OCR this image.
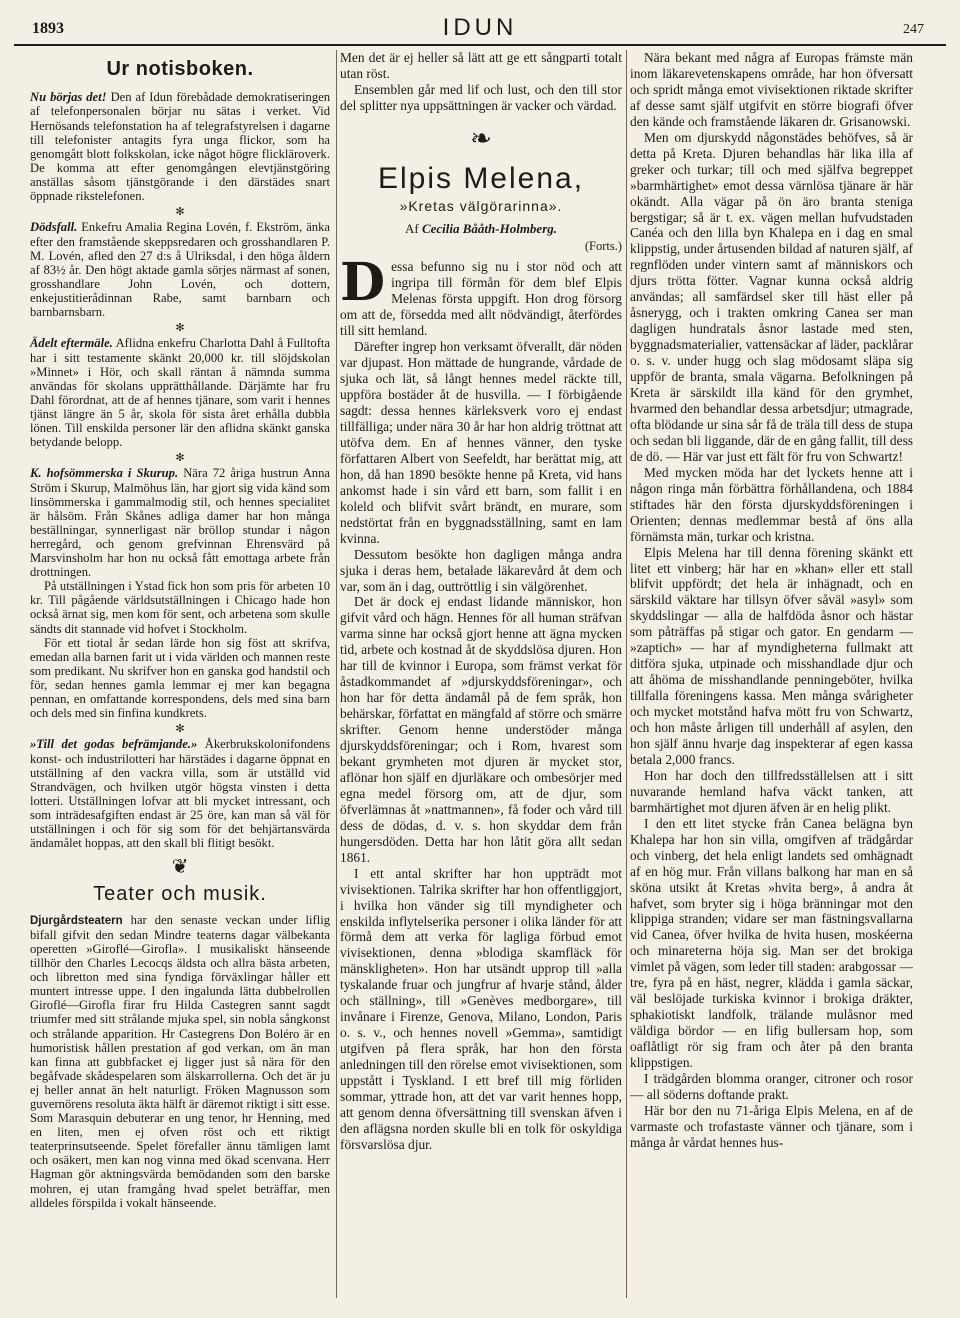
1893	IDUN	247
Ur notisboken.

Nu börjas det! Den af Idun förebådade demokratiseringen af telefonpersonalen börjar nu sätas i verket. Vid Hernösands telefonstation ha af telegrafstyrelsen i dagarne till telefonister antagits fyra unga flickor, som ha genomgått blott folkskolan, icke något högre flickläroverk. De komma att efter genomgången elevtjänstgöring anställas såsom tjänstgörande i den därstädes snart öppnade rikstelefonen.

✻

Dödsfall. Enkefru Amalia Regina Lovén, f. Ekström, änka efter den framstående skeppsredaren och grosshandlaren P. M. Lovén, afled den 27 d:s å Ulriksdal, i den höga åldern af 83½ år. Den högt aktade gamla sörjes närmast af sonen, grosshandlare John Lovén, och dottern, enkejustitierådinnan Rabe, samt barnbarn och barnbarnsbarn.

✻

Ädelt eftermäle. Aflidna enkefru Charlotta Dahl å Fulltofta har i sitt testamente skänkt 20,000 kr. till slöjdskolan »Minnet» i Hör, och skall räntan å nämnda summa användas för skolans upprätthållande. Därjämte har fru Dahl förordnat, att de af hennes tjänare, som varit i hennes tjänst längre än 5 år, skola för sista året erhålla dubbla lönen. Till enskilda personer lär den aflidna skänkt ganska betydande belopp.

✻

K. hofsömmerska i Skurup. Nära 72 åriga hustrun Anna Ström i Skurup, Malmöhus län, har gjort sig vida känd som linsömmerska i gammalmodig stil, och hennes specialitet är hålsöm. Från Skånes adliga damer har hon många beställningar, synnerligast när bröllop stundar i någon herregård, och genom grefvinnan Ehrensvärd på Marsvinsholm har hon nu också fått emottaga arbete från drottningen.

På utställningen i Ystad fick hon som pris för arbeten 10 kr. Till pågående världsutställningen i Chicago hade hon också ärnat sig, men kom för sent, och arbetena som skulle sändts dit stannade vid hofvet i Stockholm.

För ett tiotal år sedan lärde hon sig föst att skrifva, emedan alla barnen farit ut i vida världen och mannen reste som predikant. Nu skrifver hon en ganska god handstil och för, sedan hennes gamla lemmar ej mer kan begagna pennan, en omfattande korrespondens, dels med sina barn och dels med sin finfina kundkrets.

✻

»Till det godas befrämjande.» Åkerbrukskolonifondens konst- och industrilotteri har härstädes i dagarne öppnat en utställning af den vackra villa, som är utställd vid Strandvägen, och hvilken utgör högsta vinsten i detta lotteri. Utställningen lofvar att bli mycket intressant, och som inträdesafgiften endast är 25 öre, kan man så väl för utställningen i och för sig som för det behjärtansvärda ändamålet hoppas, att den skall bli flitigt besökt.

❦
Teater och musik.

Djurgårdsteatern har den senaste veckan under liflig bifall gifvit den sedan Mindre teaterns dagar välbekanta operetten »Giroflé—Girofla». I musikaliskt hänseende tillhör den Charles Lecocqs äldsta och allra bästa arbeten, och libretton med sina fyndiga förväxlingar håller ett muntert intresse uppe. I den ingalunda lätta dubbelrollen Giroflé—Girofla firar fru Hilda Castegren sannt sagdt triumfer med sitt strålande mjuka spel, sin nobla sångkonst och strålande apparition. Hr Castegrens Don Boléro är en humoristisk hållen prestation af god verkan, om än man kan finna att gubbfacket ej ligger just så nära för den begåfvade skådespelaren som älskarrollerna. Och det är ju ej heller annat än helt naturligt. Fröken Magnusson som guvernörens resoluta äkta hälft är däremot riktigt i sitt esse. Som Marasquin debuterar en ung tenor, hr Henning, med en liten, men ej ofven röst och ett riktigt teaterprinsutseende. Spelet förefaller ännu tämligen lamt och osäkert, men kan nog vinna med ökad scenvana. Herr Hagman gör aktningsvärda bemödanden som den barske mohren, ej utan framgång hvad spelet beträffar, men alldeles förspilda i vokalt hänseende.

Men det är ej heller så lätt att ge ett sångparti totalt utan röst.

Ensemblen går med lif och lust, och den till stor del splitter nya uppsättningen är vacker och värdad.

❧
Elpis Melena,
»Kretas välgörarinna».
Af Cecilia Bååth-Holmberg.
(Forts.)

Dessa befunno sig nu i stor nöd och att ingripa till förmån för dem blef Elpis Melenas första uppgift. Hon drog försorg om att de, försedda med allt nödvändigt, återfördes till sitt hemland.

Därefter ingrep hon verksamt öfverallt, där nöden var djupast. Hon mättade de hungrande, vårdade de sjuka och lät, så långt hennes medel räckte till, uppföra bostäder åt de husvilla. — I förbigående sagdt: dessa hennes kärleksverk voro ej endast tillfälliga; under nära 30 år har hon aldrig tröttnat att utöfva dem. En af hennes vänner, den tyske författaren Albert von Seefeldt, har berättat mig, att hon, då han 1890 besökte henne på Kreta, vid hans ankomst hade i sin vård ett barn, som fallit i en koleld och blifvit svårt brändt, en murare, som nedstörtat från en byggnadsställning, samt en lam kvinna.

Dessutom besökte hon dagligen många andra sjuka i deras hem, betalade läkarevård åt dem och var, som än i dag, outtröttlig i sin välgörenhet.

Det är dock ej endast lidande människor, hon gifvit vård och hägn. Hennes för all human sträfvan varma sinne har också gjort henne att ägna mycken tid, arbete och kostnad åt de skyddslösa djuren. Hon har till de kvinnor i Europa, som främst verkat för åstadkommandet af »djurskyddsföreningar», och hon har för detta ändamål på de fem språk, hon behärskar, författat en mängfald af större och smärre skrifter. Genom henne understöder många djurskyddsföreningar; och i Rom, hvarest som bekant grymheten mot djuren är mycket stor, aflönar hon själf en djurläkare och ombesörjer med egna medel försorg om, att de djur, som öfverlämnas åt »nattmannen», få foder och vård till dess de dödas, d. v. s. hon skyddar dem från hungersdöden. Detta har hon låtit göra allt sedan 1861.

I ett antal skrifter har hon uppträdt mot vivisektionen. Talrika skrifter har hon offentliggjort, i hvilka hon vänder sig till myndigheter och enskilda inflytelserika personer i olika länder för att förmå dem att verka för lagliga förbud emot vivisektionen, denna »blodiga skamfläck för mänskligheten». Hon har utsändt upprop till »alla tyskalande fruar och jungfrur af hvarje stånd, ålder och ställning», till »Genèves medborgare», till invånare i Firenze, Genova, Milano, London, Paris o. s. v., och hennes novell »Gemma», samtidigt utgifven på flera språk, har hon den första anledningen till den rörelse emot vivisektionen, som uppstått i Tyskland. I ett bref till mig förliden sommar, yttrade hon, att det var varit hennes hopp, att genom denna öfversättning till svenskan äfven i den aflägsna norden skulle bli en tolk för oskyldiga försvarslösa djur.

Nära bekant med några af Europas främste män inom läkarevetenskapens område, har hon öfversatt och spridt många emot vivisektionen riktade skrifter af desse samt själf utgifvit en större biografi öfver den kände och framstående läkaren dr. Grisanowski.

Men om djurskydd någonstädes behöfves, så är detta på Kreta. Djuren behandlas här lika illa af greker och turkar; till och med själfva begreppet »barmhärtighet» emot dessa värnlösa tjänare är här okändt. Alla vägar på ön äro branta steniga bergstigar; så är t. ex. vägen mellan hufvudstaden Canéa och den lilla byn Khalepa en i dag en smal klippstig, under årtusenden bildad af naturen själf, af regnflöden under vintern samt af människors och djurs trötta fötter. Vagnar kunna också aldrig användas; all samfärdsel sker till häst eller på åsnerygg, och i trakten omkring Canea ser man dagligen hundratals åsnor lastade med sten, byggnadsmaterialier, vattensäckar af läder, packlårar o. s. v. under hugg och slag mödosamt släpa sig uppför de branta, smala vägarna. Befolkningen på Kreta är särskildt illa känd för den grymhet, hvarmed den behandlar dessa arbetsdjur; utmagrade, ofta blödande ur sina sår få de träla till dess de stupa och sedan bli liggande, där de en gång fallit, till dess de dö. — Här var just ett fält för fru von Schwartz!

Med mycken möda har det lyckets henne att i någon ringa mån förbättra förhållandena, och 1884 stiftades här den första djurskyddsföreningen i Orienten; dennas medlemmar bestå af öns alla förnämsta män, turkar och kristna.

Elpis Melena har till denna förening skänkt ett litet ett vinberg; här har en »khan» eller ett stall blifvit uppfördt; det hela är inhägnadt, och en särskild väktare har tillsyn öfver såväl »asyl» som skyddslingar — alla de halfdöda åsnor och hästar som påträffas på stigar och gator. En gendarm — »zaptich» — har af myndigheterna fullmakt att ditföra sjuka, utpinade och misshandlade djur och att åhöma de misshandlande penningeböter, hvilka tillfalla föreningens kassa. Men många svårigheter och mycket motstånd hafva mött fru von Schwartz, och hon måste årligen till underhåll af asylen, den hon själf ännu hvarje dag inspekterar af egen kassa betala 2,000 francs.

Hon har doch den tillfredsställelsen att i sitt nuvarande hemland hafva väckt tanken, att barmhärtighet mot djuren äfven är en helig plikt.

I den ett litet stycke från Canea belägna byn Khalepa har hon sin villa, omgifven af trädgårdar och vinberg, det hela enligt landets sed omhägnadt af en hög mur. Från villans balkong har man en så sköna utsikt åt Kretas »hvita berg», å andra åt hafvet, som bryter sig i höga bränningar mot den klippiga stranden; vidare ser man fästningsvallarna vid Canea, öfver hvilka de hvita husen, moskéerna och minareterna höja sig. Man ser det brokiga vimlet på vägen, som leder till staden: arabgossar — tre, fyra på en häst, negrer, klädda i gamla säckar, väl beslöjade turkiska kvinnor i brokiga dräkter, sphakiotiskt landfolk, trälande mulåsnor med väldiga bördor — en lifig bullersam hop, som oaflåtligt rör sig fram och åter på den branta klippstigen.

I trädgården blomma oranger, citroner och rosor — all söderns doftande prakt.

Här bor den nu 71-åriga Elpis Melena, en af de varmaste och trofastaste vänner och tjänare, som i många år vårdat hennes hus-
